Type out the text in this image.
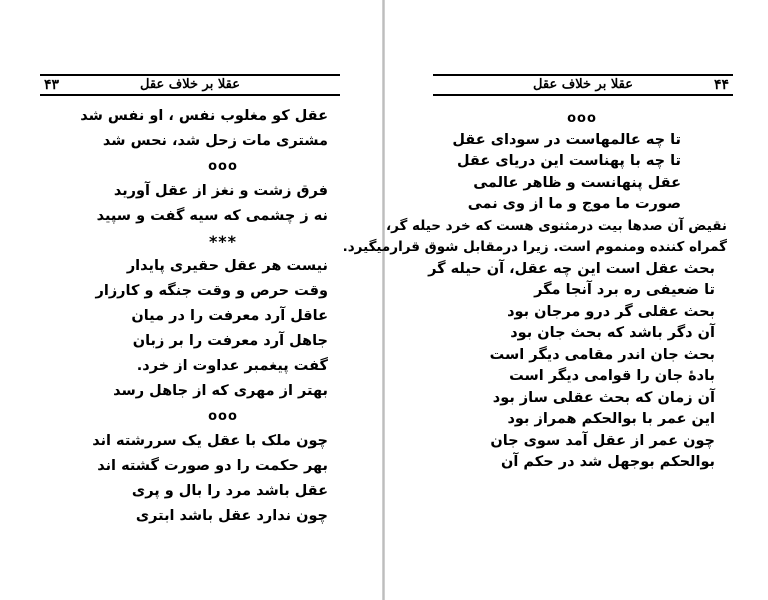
۴۳	عقلا بر خلاف عقل
عقل کو مغلوب نفس ، او نفس شد
مشتری مات زحل شد، نحس شد
ooo
فرق زشت و نغز از عقل آورید
نه ز چشمی که سیه گفت و سپید
***
نیست هر عقل حقیری پایدار
وقت حرص و وقت جنگه و کارزار
عاقل آرد معرفت را در میان
جاهل آرد معرفت را بر زبان
گفت پیغمبر عداوت از خرد.
بهتر از مهری که از جاهل رسد
ooo
چون ملک با عقل یک سررشته اند
بهر حکمت را دو صورت گشته اند
عقل باشد مرد را بال و پری
چون ندارد عقل باشد ابتری
عقلا بر خلاف عقل	۴۴
ooo
تا چه عالمهاست در سودای عقل
تا چه با پهناست این دریای عقل
عقل پنهانست و ظاهر عالمی
صورت ما موج و ما از وی نمی
نقیض آن صدها بیت درمثنوی هست که خرد حیله گر،
گمراه کننده ومنموم است. زیرا درمقابل شوق قرارمیگیرد.
بحث عقل است این چه عقل، آن حیله گر
تا ضعیفی ره برد آنجا مگر
بحث عقلی گر درو مرجان بود
آن دگر باشد که بحث جان بود
بحث جان اندر مقامی دیگر است
بادهٔ جان را قوامی دیگر است
آن زمان که بحث عقلی ساز بود
این عمر با بوالحکم همراز بود
چون عمر از عقل آمد سوی جان
بوالحکم بوجهل شد در حکم آن
